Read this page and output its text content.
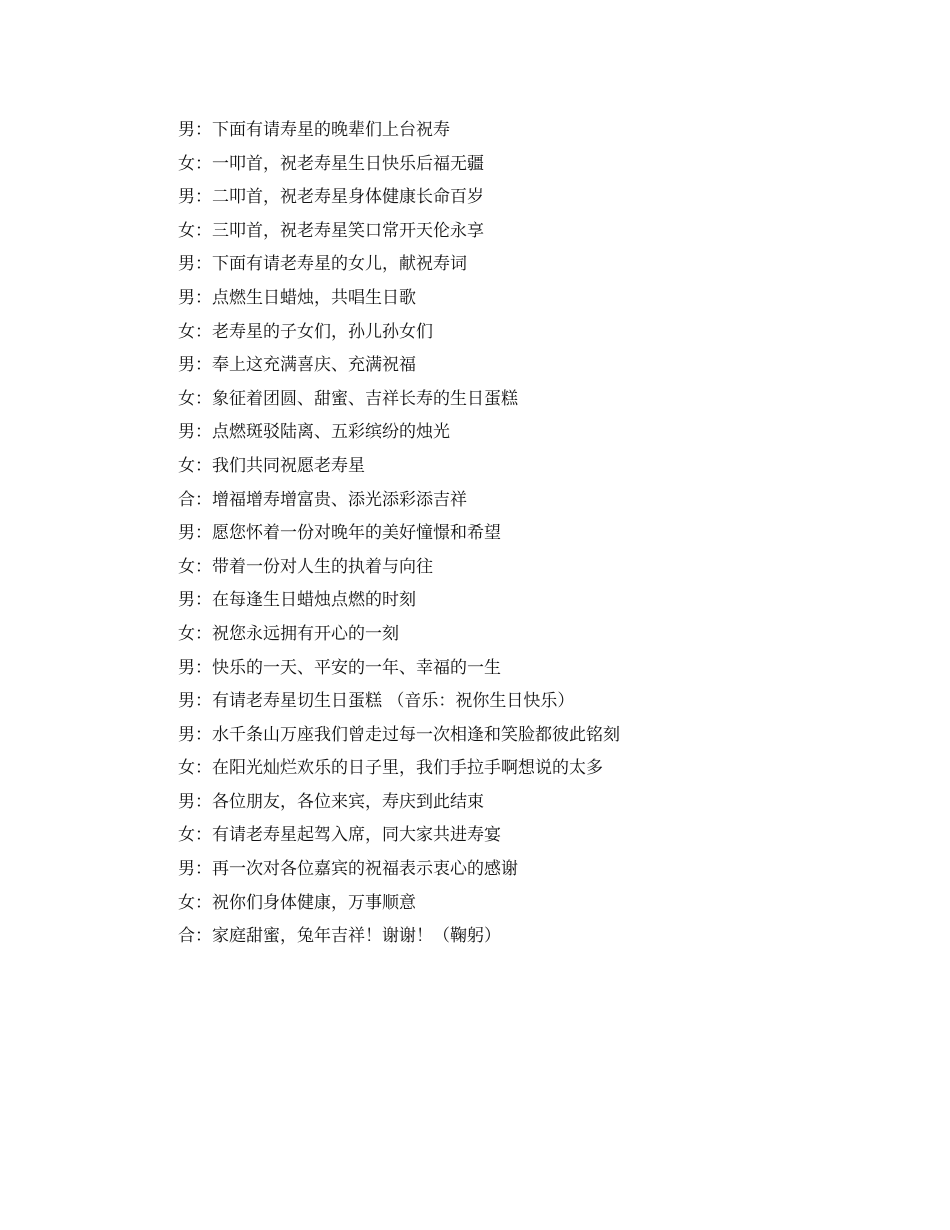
男：下面有请寿星的晚辈们上台祝寿
女：一叩首，祝老寿星生日快乐后福无疆
男：二叩首，祝老寿星身体健康长命百岁
女：三叩首，祝老寿星笑口常开天伦永享
男：下面有请老寿星的女儿，献祝寿词
男：点燃生日蜡烛，共唱生日歌
女：老寿星的子女们，孙儿孙女们
男：奉上这充满喜庆、充满祝福
女：象征着团圆、甜蜜、吉祥长寿的生日蛋糕
男：点燃斑驳陆离、五彩缤纷的烛光
女：我们共同祝愿老寿星
合：增福增寿增富贵、添光添彩添吉祥
男：愿您怀着一份对晚年的美好憧憬和希望
女：带着一份对人生的执着与向往
男：在每逢生日蜡烛点燃的时刻
女：祝您永远拥有开心的一刻
男：快乐的一天、平安的一年、幸福的一生
男：有请老寿星切生日蛋糕 （音乐：祝你生日快乐）
男：水千条山万座我们曾走过每一次相逢和笑脸都彼此铭刻
女：在阳光灿烂欢乐的日子里，我们手拉手啊想说的太多
男：各位朋友，各位来宾，寿庆到此结束
女：有请老寿星起驾入席，同大家共进寿宴
男：再一次对各位嘉宾的祝福表示衷心的感谢
女：祝你们身体健康，万事顺意
合：家庭甜蜜，兔年吉祥！谢谢！（鞠躬）
